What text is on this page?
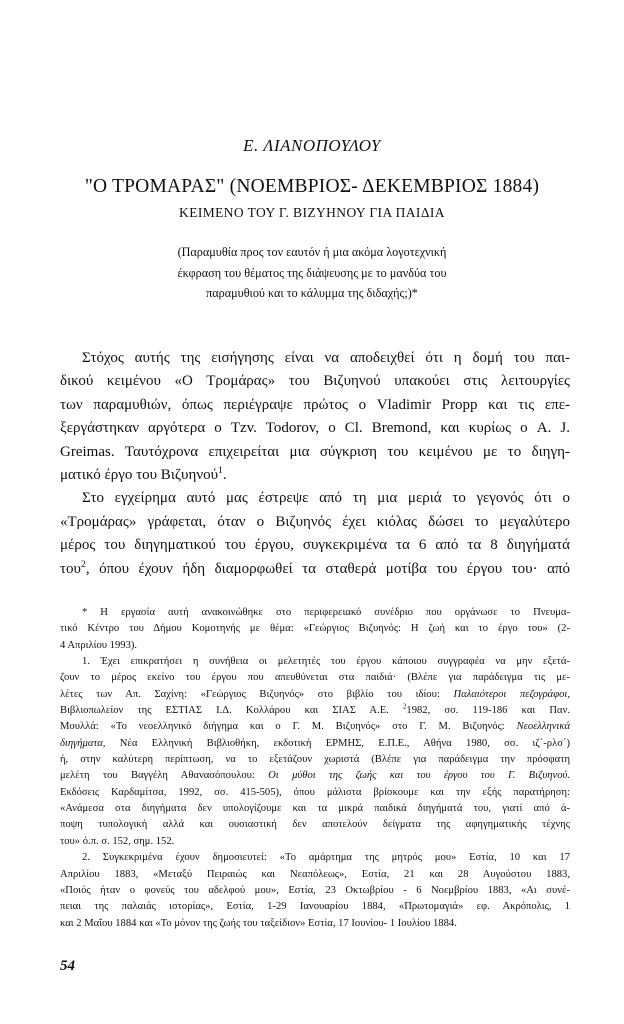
Ε. ΛΙΑΝΟΠΟΥΛΟΥ
"Ο ΤΡΟΜΑΡΑΣ" (ΝΟΕΜΒΡΙΟΣ- ΔΕΚΕΜΒΡΙΟΣ 1884)
ΚΕΙΜΕΝΟ ΤΟΥ Γ. ΒΙΖΥΗΝΟΥ ΓΙΑ ΠΑΙΔΙΑ
(Παραμυθία προς τον εαυτόν ή μια ακόμα λογοτεχνική
έκφραση του θέματος της διάψευσης με το μανδύα του
παραμυθιού και το κάλυμμα της διδαχής;)*
Στόχος αυτής της εισήγησης είναι να αποδειχθεί ότι η δομή του παι-
δικού κειμένου «Ο Τρομάρας» του Βιζυηνού υπακούει στις λειτουργίες
των παραμυθιών, όπως περιέγραψε πρώτος ο Vladimir Propp και τις επε-
ξεργάστηκαν αργότερα ο Tzv. Todorov, ο Cl. Bremond, και κυρίως ο A. J.
Greimas. Ταυτόχρονα επιχειρείται μια σύγκριση του κειμένου με το διηγη-
ματικό έργο του Βιζυηνού$^1$.
Στο εγχείρημα αυτό μας έστρεψε από τη μια μεριά το γεγονός ότι ο
«Τρομάρας» γράφεται, όταν ο Βιζυηνός έχει κιόλας δώσει το μεγαλύτερο
μέρος του διηγηματικού του έργου, συγκεκριμένα τα 6 από τα 8 διηγήματά
του$^2$, όπου έχουν ήδη διαμορφωθεί τα σταθερά μοτίβα του έργου του· από
* Η εργασία αυτή ανακοινώθηκε στο περιφερειακό συνέδριο που οργάνωσε το Πνευμα-
τικό Κέντρο του Δήμου Κομοτηνής με θέμα: «Γεώργιος Βιζυηνός: Η ζωή και το έργο του» (2-
4 Απριλίου 1993).
1. Έχει επικρατήσει η συνήθεια οι μελετητές του έργου κάποιου συγγραφέα να μην εξετά-
ζουν το μέρος εκείνο του έργου που απευθύνεται στα παιδιά· (Βλέπε για παράδειγμα τις με-
λέτες των Απ. Σαχίνη: «Γεώργιος Βιζυηνός» στο βιβλίο του ιδίου: Παλαιότεροι πεζογράφοι,
Βιβλιοπωλείον της ΕΣΤΙΑΣ Ι.Δ. Κολλάρου και ΣΙΑΣ Α.Ε. $^2$1982, σσ. 119-186 και Παν.
Μουλλά: «Το νεοελληνικό διήγημα και ο Γ. Μ. Βιζυηνός» στο Γ. Μ. Βιζυηνός: Νεοελληνικά
διηγήματα, Νέα Ελληνική Βιβλιοθήκη, εκδοτική ΕΡΜΗΣ, Ε.Π.Ε., Αθήνα 1980, σσ. ιζ΄-ρλσ΄)
ή, στην καλύτερη περίπτωση, να το εξετάζουν χωριστά (Βλέπε για παράδειγμα την πρόσφατη
μελέτη του Βαγγέλη Αθανασόπουλου: Οι μύθοι της ζωής και του έργου του Γ. Βιζυηνού.
Εκδόσεις Καρδαμίτσα, 1992, σσ. 415-505), όπου μάλιστα βρίσκουμε και την εξής παρατήρηση:
«Ανάμεσα στα διηγήματα δεν υπολογίζουμε και τα μικρά παιδικά διηγήματά του, γιατί από ά-
ποψη τυπολογική αλλά και ουσιαστική δεν αποτελούν δείγματα της αφηγηματικής τέχνης
του» ό.π. σ. 152, σημ. 152.
2. Συγκεκριμένα έχουν δημοσιευτεί: «Το αμάρτημα της μητρός μου» Εστία, 10 και 17
Απριλίου 1883, «Μεταξύ Πειραιώς και Νεαπόλεως», Εστία, 21 και 28 Αυγούστου 1883,
«Ποιός ήταν ο φονεύς του αδελφού μου», Εστία, 23 Οκτωβρίου - 6 Νοεμβρίου 1883, «Αι συνέ-
πειαι της παλαιάς ιστορίας», Εστία, 1-29 Ιανουαρίου 1884, «Πρωτομαγιά» εφ. Ακρόπολις, 1
και 2 Μαΐου 1884 και «Το μόνον της ζωής του ταξείδιον» Εστία, 17 Ιουνίου- 1 Ιουλίου 1884.
54
